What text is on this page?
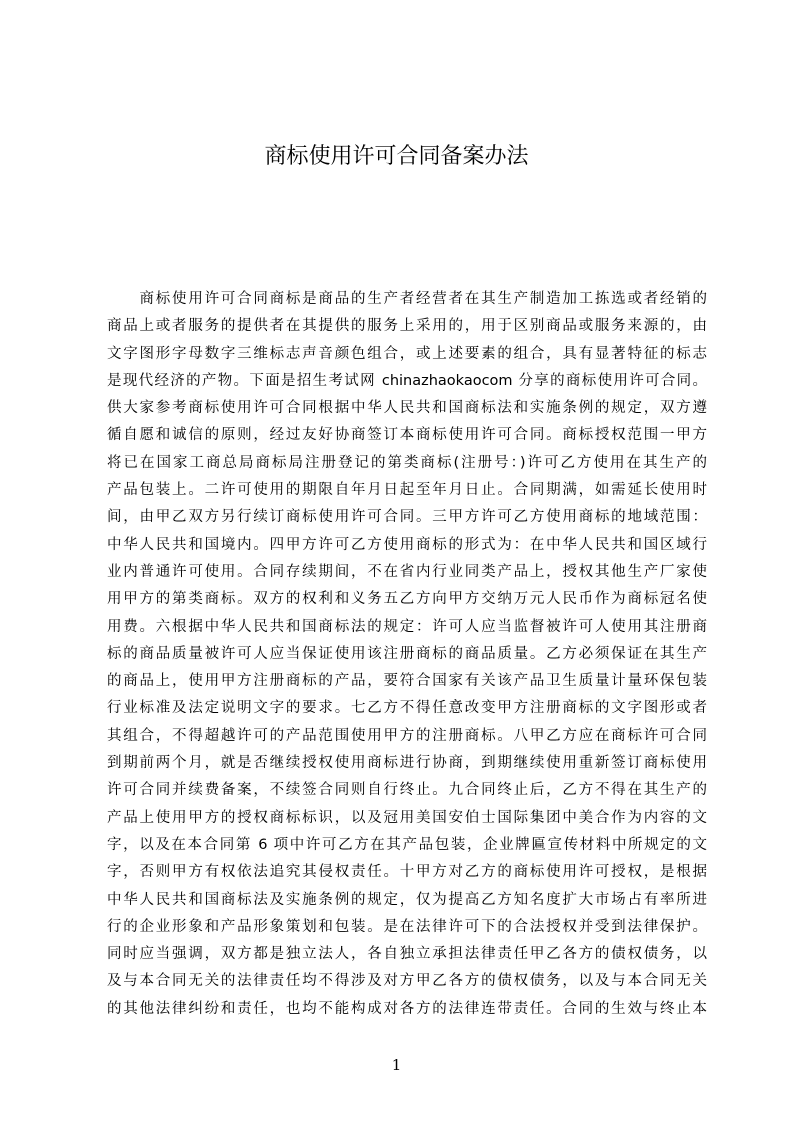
商标使用许可合同备案办法
　　商标使用许可合同商标是商品的生产者经营者在其生产制造加工拣选或者经销的
商品上或者服务的提供者在其提供的服务上采用的，用于区别商品或服务来源的，由
文字图形字母数字三维标志声音颜色组合，或上述要素的组合，具有显著特征的标志
是现代经济的产物。下面是招生考试网 chinazhaokaocom 分享的商标使用许可合同。
供大家参考商标使用许可合同根据中华人民共和国商标法和实施条例的规定，双方遵
循自愿和诚信的原则，经过友好协商签订本商标使用许可合同。商标授权范围一甲方
将已在国家工商总局商标局注册登记的第类商标(注册号：)许可乙方使用在其生产的
产品包装上。二许可使用的期限自年月日起至年月日止。合同期满，如需延长使用时
间，由甲乙双方另行续订商标使用许可合同。三甲方许可乙方使用商标的地域范围：
中华人民共和国境内。四甲方许可乙方使用商标的形式为：在中华人民共和国区域行
业内普通许可使用。合同存续期间，不在省内行业同类产品上，授权其他生产厂家使
用甲方的第类商标。双方的权利和义务五乙方向甲方交纳万元人民币作为商标冠名使
用费。六根据中华人民共和国商标法的规定：许可人应当监督被许可人使用其注册商
标的商品质量被许可人应当保证使用该注册商标的商品质量。乙方必须保证在其生产
的商品上，使用甲方注册商标的产品，要符合国家有关该产品卫生质量计量环保包装
行业标准及法定说明文字的要求。七乙方不得任意改变甲方注册商标的文字图形或者
其组合，不得超越许可的产品范围使用甲方的注册商标。八甲乙方应在商标许可合同
到期前两个月，就是否继续授权使用商标进行协商，到期继续使用重新签订商标使用
许可合同并续费备案，不续签合同则自行终止。九合同终止后，乙方不得在其生产的
产品上使用甲方的授权商标标识，以及冠用美国安伯士国际集团中美合作为内容的文
字，以及在本合同第 6 项中许可乙方在其产品包装，企业牌匾宣传材料中所规定的文
字，否则甲方有权依法追究其侵权责任。十甲方对乙方的商标使用许可授权，是根据
中华人民共和国商标法及实施条例的规定，仅为提高乙方知名度扩大市场占有率所进
行的企业形象和产品形象策划和包装。是在法律许可下的合法授权并受到法律保护。
同时应当强调，双方都是独立法人，各自独立承担法律责任甲乙各方的债权债务，以
及与本合同无关的法律责任均不得涉及对方甲乙各方的债权债务，以及与本合同无关
的其他法律纠纷和责任，也均不能构成对各方的法律连带责任。合同的生效与终止本
1
